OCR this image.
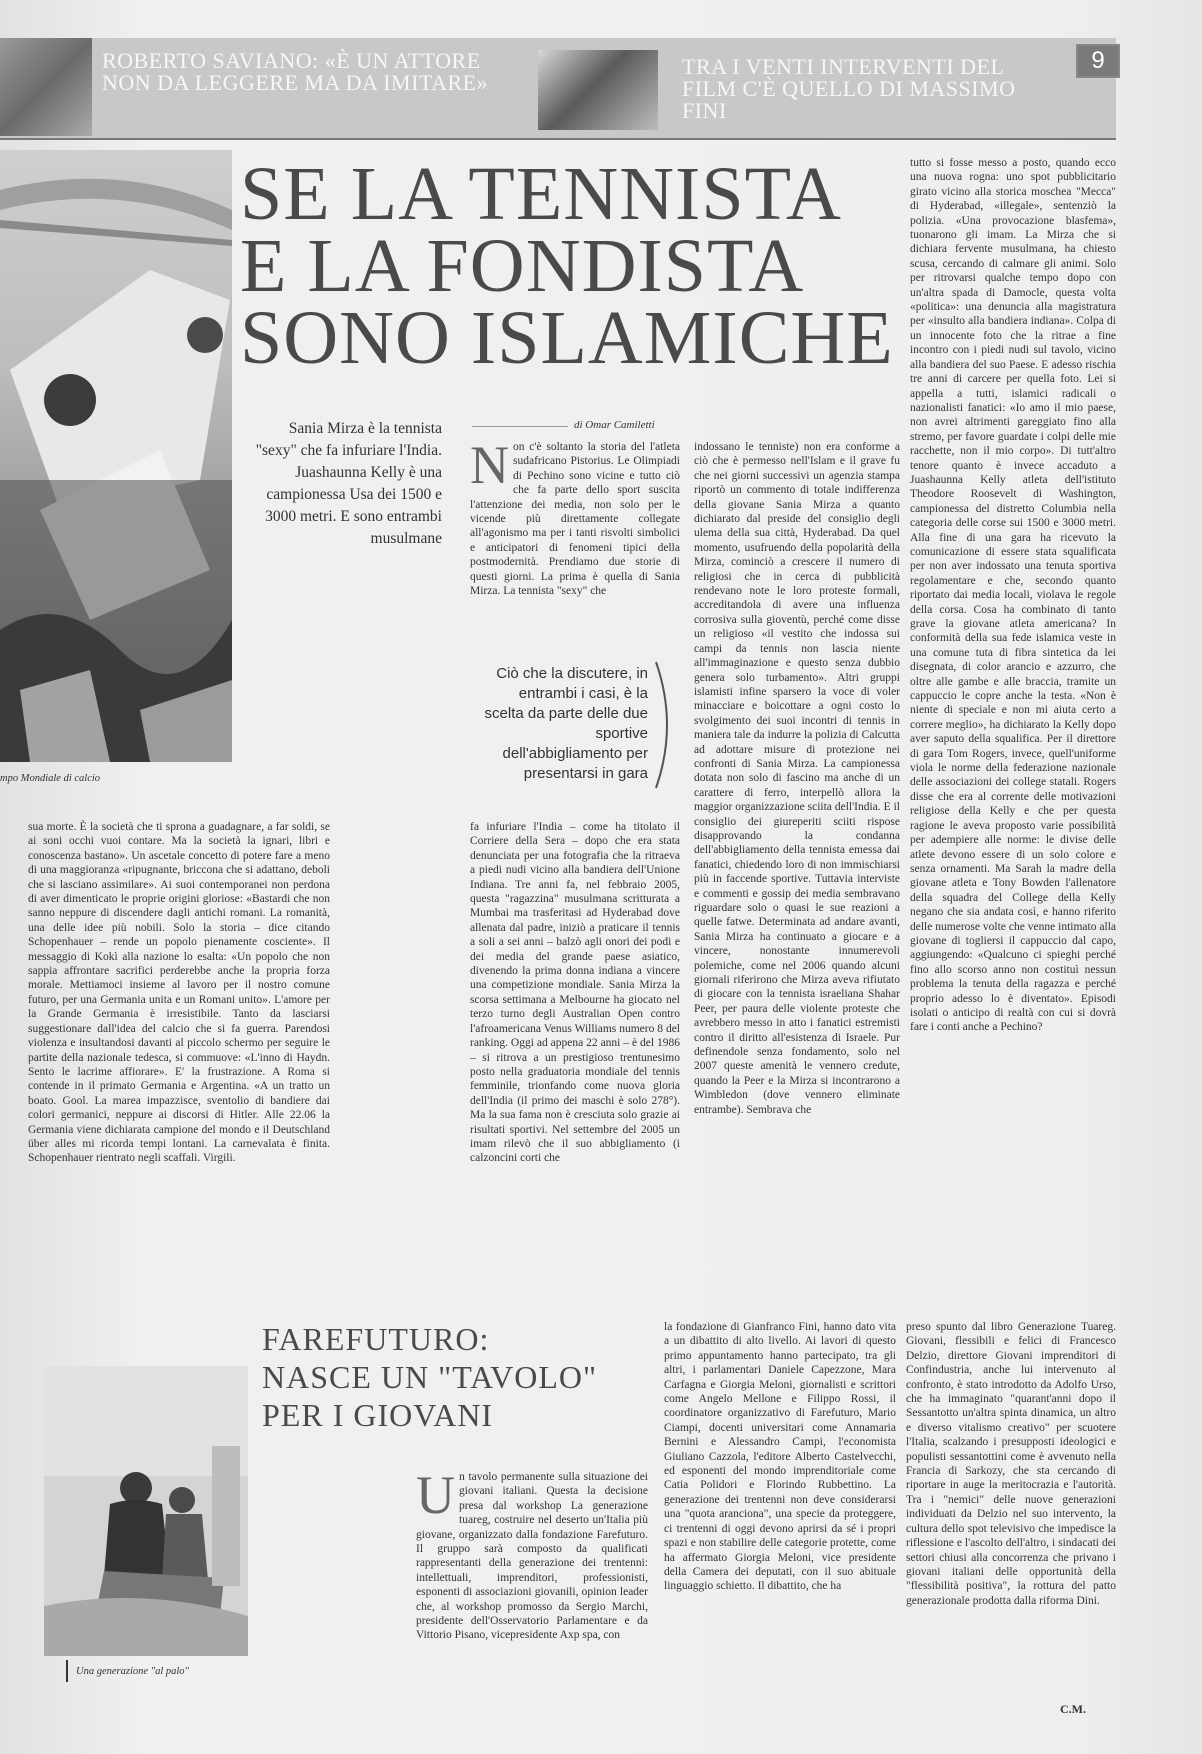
ROBERTO SAVIANO: «È UN ATTORE NON DA LEGGERE MA DA IMITARE»
TRA I VENTI INTERVENTI DEL FILM C'È QUELLO DI MASSIMO FINI
9
mpo Mondiale di calcio
SE LA TENNISTA
E LA FONDISTA
SONO ISLAMICHE
Sania Mirza è la tennista "sexy" che fa infuriare l'India. Juashaunna Kelly è una campionessa Usa dei 1500 e 3000 metri. E sono entrambi musulmane
di Omar Camiletti
Non c'è soltanto la storia del l'atleta sudafricano Pistorius. Le Olimpiadi di Pechino sono vicine e tutto ciò che fa parte dello sport suscita l'attenzione dei media, non solo per le vicende più direttamente collegate all'agonismo ma per i tanti risvolti simbolici e anticipatori di fenomeni tipici della postmodernità. Prendiamo due storie di questi giorni. La prima è quella di Sania Mirza. La tennista "sexy" che
Ciò che la discutere, in entrambi i casi, è la scelta da parte delle due sportive dell'abbigliamento per presentarsi in gara
indossano le tenniste) non era conforme a ciò che è permesso nell'Islam e il grave fu che nei giorni successivi un agenzia stampa riportò un commento di totale indifferenza della giovane Sania Mirza a quanto dichiarato dal preside del consiglio degli ulema della sua città, Hyderabad. Da quel momento, usufruendo della popolarità della Mirza, cominciò a crescere il numero di religiosi che in cerca di pubblicità rendevano note le loro proteste formali, accreditandola di avere una influenza corrosiva sulla gioventù, perché come disse un religioso «il vestito che indossa sui campi da tennis non lascia niente all'immaginazione e questo senza dubbio genera solo turbamento». Altri gruppi islamisti infine sparsero la voce di voler minacciare e boicottare a ogni costo lo svolgimento dei suoi incontri di tennis in maniera tale da indurre la polizia di Calcutta ad adottare misure di protezione nei confronti di Sania Mirza. La campionessa dotata non solo di fascino ma anche di un carattere di ferro, interpellò allora la maggior organizzazione sciita dell'India. E il consiglio dei giureperiti sciiti rispose disapprovando la condanna dell'abbigliamento della tennista emessa dai fanatici, chiedendo loro di non immischiarsi più in faccende sportive. Tuttavia interviste e commenti e gossip dei media sembravano riguardare solo o quasi le sue reazioni a quelle fatwe. Determinata ad andare avanti, Sania Mirza ha continuato a giocare e a vincere, nonostante innumerevoli polemiche, come nel 2006 quando alcuni giornali riferirono che Mirza aveva rifiutato di giocare con la tennista israeliana Shahar Peer, per paura delle violente proteste che avrebbero messo in atto i fanatici estremisti contro il diritto all'esistenza di Israele. Pur definendole senza fondamento, solo nel 2007 queste amenità le vennero credute, quando la Peer e la Mirza si incontrarono a Wimbledon (dove vennero eliminate entrambe). Sembrava che
tutto si fosse messo a posto, quando ecco una nuova rogna: uno spot pubblicitario girato vicino alla storica moschea "Mecca" di Hyderabad, «illegale», sentenziò la polizia. «Una provocazione blasfema», tuonarono gli imam. La Mirza che si dichiara fervente musulmana, ha chiesto scusa, cercando di calmare gli animi. Solo per ritrovarsi qualche tempo dopo con un'altra spada di Damocle, questa volta «politica»: una denuncia alla magistratura per «insulto alla bandiera indiana». Colpa di un innocente foto che la ritrae a fine incontro con i piedi nudi sul tavolo, vicino alla bandiera del suo Paese. E adesso rischia tre anni di carcere per quella foto. Lei si appella a tutti, islamici radicali o nazionalisti fanatici: «Io amo il mio paese, non avrei altrimenti gareggiato fino alla stremo, per favore guardate i colpi delle mie racchette, non il mio corpo». Di tutt'altro tenore quanto è invece accaduto a Juashaunna Kelly atleta dell'istituto Theodore Roosevelt di Washington, campionessa del distretto Columbia nella categoria delle corse sui 1500 e 3000 metri. Alla fine di una gara ha ricevuto la comunicazione di essere stata squalificata per non aver indossato una tenuta sportiva regolamentare e che, secondo quanto riportato dai media locali, violava le regole della corsa. Cosa ha combinato di tanto grave la giovane atleta americana? In conformità della sua fede islamica veste in una comune tuta di fibra sintetica da lei disegnata, di color arancio e azzurro, che oltre alle gambe e alle braccia, tramite un cappuccio le copre anche la testa. «Non è niente di speciale e non mi aiuta certo a correre meglio», ha dichiarato la Kelly dopo aver saputo della squalifica. Per il direttore di gara Tom Rogers, invece, quell'uniforme viola le norme della federazione nazionale delle associazioni dei college statali. Rogers disse che era al corrente delle motivazioni religiose della Kelly e che per questa ragione le aveva proposto varie possibilità per adempiere alle norme: le divise delle atlete devono essere di un solo colore e senza ornamenti. Ma Sarah la madre della giovane atleta e Tony Bowden l'allenatore della squadra del College della Kelly negano che sia andata così, e hanno riferito delle numerose volte che venne intimato alla giovane di togliersi il cappuccio dal capo, aggiungendo: «Qualcuno ci spieghi perché fino allo scorso anno non costituì nessun problema la tenuta della ragazza e perché proprio adesso lo è diventato». Episodi isolati o anticipo di realtà con cui si dovrà fare i conti anche a Pechino?
sua morte. È la società che ti sprona a guadagnare, a far soldi, se ai soni occhi vuoi contare. Ma la società la ignari, libri e conoscenza bastano». Un ascetale concetto di potere fare a meno di una maggioranza «ripugnante, briccona che si adattano, deboli che si lasciano assimilare». Ai suoi contemporanei non perdona di aver dimenticato le proprie origini gloriose: «Bastardi che non sanno neppure di discendere dagli antichi romani. La romanità, una delle idee più nobili. Solo la storia – dice citando Schopenhauer – rende un popolo pienamente cosciente». Il messaggio di Kokì alla nazione lo esalta: «Un popolo che non sappia affrontare sacrifici perderebbe anche la propria forza morale. Mettiamoci insieme al lavoro per il nostro comune futuro, per una Germania unita e un Romani unito». L'amore per la Grande Germania è irresistibile. Tanto da lasciarsi suggestionare dall'idea del calcio che si fa guerra. Parendosi violenza e insultandosi davanti al piccolo schermo per seguire le partite della nazionale tedesca, si commuove: «L'inno di Haydn. Sento le lacrime affiorare». E' la frustrazione. A Roma si contende in il primato Germania e Argentina. «A un tratto un boato. Gool. La marea impazzisce, sventolio di bandiere dai colori germanici, neppure ai discorsi di Hitler. Alle 22.06 la Germania viene dichiarata campione del mondo e il Deutschland über alles mi ricorda tempi lontani. La carnevalata è finita. Schopenhauer rientrato negli scaffali. Virgili.
fa infuriare l'India – come ha titolato il Corriere della Sera – dopo che era stata denunciata per una fotografia che la ritraeva a piedi nudi vicino alla bandiera dell'Unione Indiana. Tre anni fa, nel febbraio 2005, questa "ragazzina" musulmana scritturata a Mumbai ma trasferitasi ad Hyderabad dove allenata dal padre, iniziò a praticare il tennis a soli a sei anni – balzò agli onori dei podi e dei media del grande paese asiatico, divenendo la prima donna indiana a vincere una competizione mondiale. Sania Mirza la scorsa settimana a Melbourne ha giocato nel terzo turno degli Australian Open contro l'afroamericana Venus Williams numero 8 del ranking. Oggi ad appena 22 anni – è del 1986 – si ritrova a un prestigioso trentunesimo posto nella graduatoria mondiale del tennis femminile, trionfando come nuova gloria dell'India (il primo dei maschi è solo 278°). Ma la sua fama non è cresciuta solo grazie ai risultati sportivi. Nel settembre del 2005 un imam rilevò che il suo abbigliamento (i calzoncini corti che
FAREFUTURO:
NASCE UN "TAVOLO"
PER I GIOVANI
Una generazione "al palo"
Un tavolo permanente sulla situazione dei giovani italiani. Questa la decisione presa dal workshop La generazione tuareg, costruire nel deserto un'Italia più giovane, organizzato dalla fondazione Farefuturo. Il gruppo sarà composto da qualificati rappresentanti della generazione dei trentenni: intellettuali, imprenditori, professionisti, esponenti di associazioni giovanili, opinion leader che, al workshop promosso da Sergio Marchi, presidente dell'Osservatorio Parlamentare e da Vittorio Pisano, vicepresidente Axp spa, con
la fondazione di Gianfranco Fini, hanno dato vita a un dibattito di alto livello. Ai lavori di questo primo appuntamento hanno partecipato, tra gli altri, i parlamentari Daniele Capezzone, Mara Carfagna e Giorgia Meloni, giornalisti e scrittori come Angelo Mellone e Filippo Rossi, il coordinatore organizzativo di Farefuturo, Mario Ciampi, docenti universitari come Annamaria Bernini e Alessandro Campi, l'economista Giuliano Cazzola, l'editore Alberto Castelvecchi, ed esponenti del mondo imprenditoriale come Catia Polidori e Florindo Rubbettino. La generazione dei trentenni non deve considerarsi una "quota aranciona", una specie da proteggere, ci trentenni di oggi devono aprirsi da sé i propri spazi e non stabilire delle categorie protette, come ha affermato Giorgia Meloni, vice presidente della Camera dei deputati, con il suo abituale linguaggio schietto. Il dibattito, che ha
preso spunto dal libro Generazione Tuareg. Giovani, flessibili e felici di Francesco Delzio, direttore Giovani imprenditori di Confindustria, anche lui intervenuto al confronto, è stato introdotto da Adolfo Urso, che ha immaginato "quarant'anni dopo il Sessantotto un'altra spinta dinamica, un altro e diverso vitalismo creativo" per scuotere l'Italia, scalzando i presupposti ideologici e populisti sessantottini come è avvenuto nella Francia di Sarkozy, che sta cercando di riportare in auge la meritocrazia e l'autorità. Tra i "nemici" delle nuove generazioni individuati da Delzio nel suo intervento, la cultura dello spot televisivo che impedisce la riflessione e l'ascolto dell'altro, i sindacati dei settori chiusi alla concorrenza che privano i giovani italiani delle opportunità della "flessibilità positiva", la rottura del patto generazionale prodotta dalla riforma Dini.
C.M.
